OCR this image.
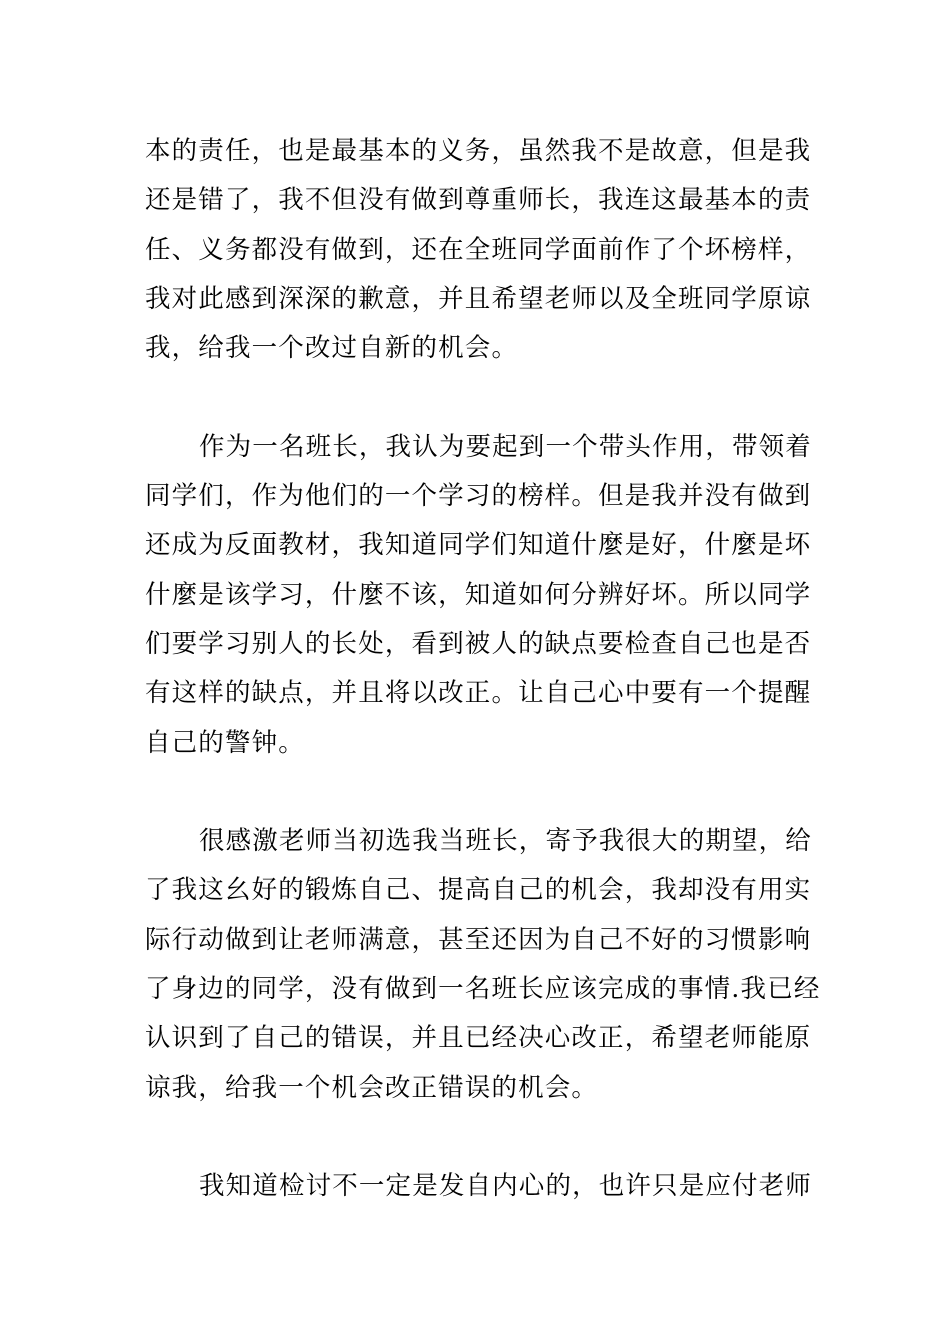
本的责任，也是最基本的义务，虽然我不是故意，但是我
还是错了，我不但没有做到尊重师长，我连这最基本的责
任、义务都没有做到，还在全班同学面前作了个坏榜样，
我对此感到深深的歉意，并且希望老师以及全班同学原谅
我，给我一个改过自新的机会。
作为一名班长，我认为要起到一个带头作用，带领着
同学们，作为他们的一个学习的榜样。但是我并没有做到
还成为反面教材，我知道同学们知道什麼是好，什麼是坏
什麼是该学习，什麼不该，知道如何分辨好坏。所以同学
们要学习别人的长处，看到被人的缺点要检查自己也是否
有这样的缺点，并且将以改正。让自己心中要有一个提醒
自己的警钟。
很感激老师当初选我当班长，寄予我很大的期望，给
了我这幺好的锻炼自己、提高自己的机会，我却没有用实
际行动做到让老师满意，甚至还因为自己不好的习惯影响
了身边的同学，没有做到一名班长应该完成的事情.我已经
认识到了自己的错误，并且已经决心改正，希望老师能原
谅我，给我一个机会改正错误的机会。
我知道检讨不一定是发自内心的，也许只是应付老师
